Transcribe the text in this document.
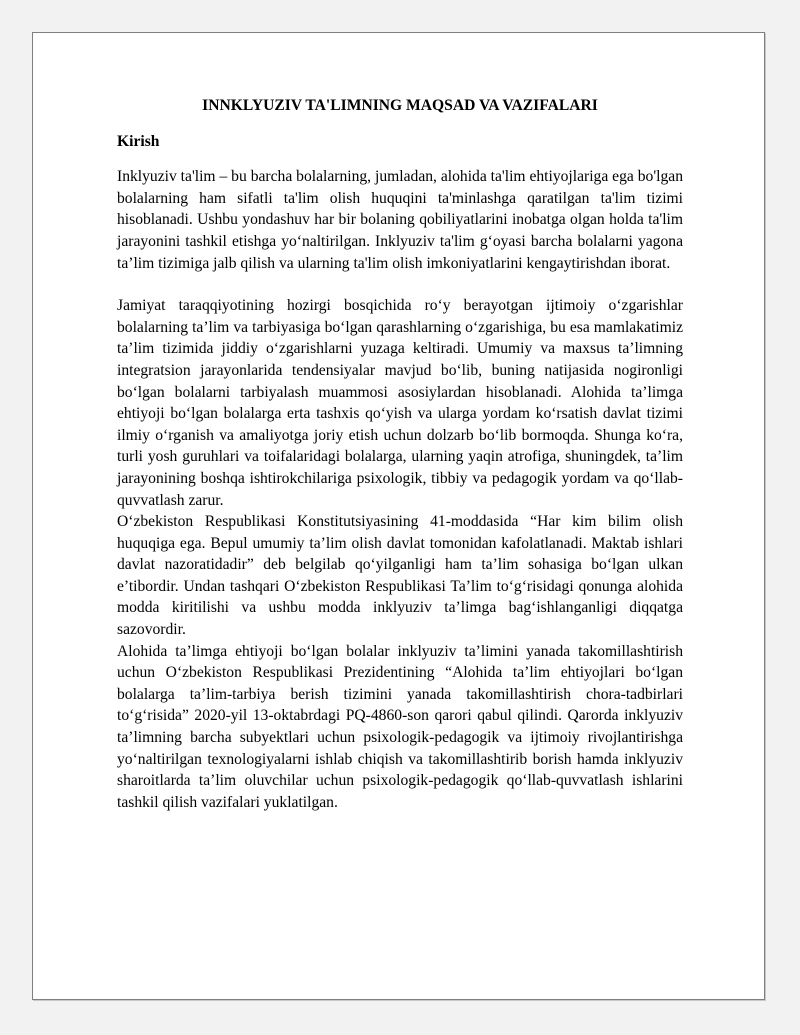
INNKLYUZIV TA'LIMNING MAQSAD VA VAZIFALARI
Kirish

Inklyuziv ta'lim – bu barcha bolalarning, jumladan, alohida ta'lim ehtiyojlariga ega bo'lgan bolalarning ham sifatli ta'lim olish huquqini ta'minlashga qaratilgan ta'lim tizimi hisoblanadi. Ushbu yondashuv har bir bolaning qobiliyatlarini inobatga olgan holda ta'lim jarayonini tashkil etishga yo‘naltirilgan. Inklyuziv ta'lim g‘oyasi barcha bolalarni yagona ta’lim tizimiga jalb qilish va ularning ta'lim olish imkoniyatlarini kengaytirishdan iborat.

Jamiyat taraqqiyotining hozirgi bosqichida ro‘y berayotgan ijtimoiy o‘zgarishlar bolalarning ta’lim va tarbiyasiga bo‘lgan qarashlarning o‘zgarishiga, bu esa mamlakatimiz ta’lim tizimida jiddiy o‘zgarishlarni yuzaga keltiradi. Umumiy va maxsus ta’limning integratsion jarayonlarida tendensiyalar mavjud bo‘lib, buning natijasida nogironligi bo‘lgan bolalarni tarbiyalash muammosi asosiylardan hisoblanadi. Alohida ta’limga ehtiyoji bo‘lgan bolalarga erta tashxis qo‘yish va ularga yordam ko‘rsatish davlat tizimi ilmiy o‘rganish va amaliyotga joriy etish uchun dolzarb bo‘lib bormoqda. Shunga ko‘ra, turli yosh guruhlari va toifalaridagi bolalarga, ularning yaqin atrofiga, shuningdek, ta’lim jarayonining boshqa ishtirokchilariga psixologik, tibbiy va pedagogik yordam va qo‘llab-quvvatlash zarur.

O‘zbekiston Respublikasi Konstitutsiyasining 41-moddasida “Har kim bilim olish huquqiga ega. Bepul umumiy ta’lim olish davlat tomonidan kafolatlanadi. Maktab ishlari davlat nazoratidadir” deb belgilab qo‘yilganligi ham ta’lim sohasiga bo‘lgan ulkan e’tibordir. Undan tashqari O‘zbekiston Respublikasi Ta’lim to‘g‘risidagi qonunga alohida modda kiritilishi va ushbu modda inklyuziv ta’limga bag‘ishlanganligi diqqatga sazovordir.

Alohida ta’limga ehtiyoji bo‘lgan bolalar inklyuziv ta’limini yanada takomillashtirish uchun O‘zbekiston Respublikasi Prezidentining “Alohida ta’lim ehtiyojlari bo‘lgan bolalarga ta’lim-tarbiya berish tizimini yanada takomillashtirish chora-tadbirlari to‘g‘risida” 2020-yil 13-oktabrdagi PQ-4860-son qarori qabul qilindi. Qarorda inklyuziv ta’limning barcha subyektlari uchun psixologik-pedagogik va ijtimoiy rivojlantirishga yo‘naltirilgan texnologiyalarni ishlab chiqish va takomillashtirib borish hamda inklyuziv sharoitlarda ta’lim oluvchilar uchun psixologik-pedagogik qo‘llab-quvvatlash ishlarini tashkil qilish vazifalari yuklatilgan.
